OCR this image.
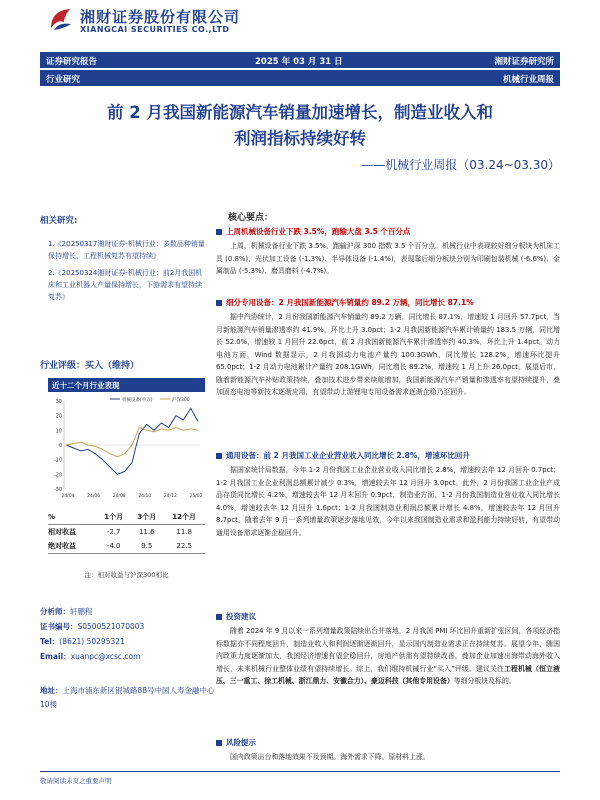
湘财证券股份有限公司
XIANGCAI SECURITIES CO.,LTD
证券研究报告	2025 年 03 月 31 日	湘财证券研究所
行业研究	机械行业周报
前 2 月我国新能源汽车销量加速增长，制造业收入和
利润指标持续好转
——机械行业周报（03.24~03.30）
相关研究:
1.《20250317湘财证券-机械行业：多数品种销量保持增长，工程机械复苏有望持续》
2.《20250324湘财证券-机械行业：前2月我国机床和工业机器人产量保持增长，下游需求有望持续复苏》
行业评级：买入（维持）
近十二个月行业表现
30
20
10
0
-10
-20
-30
24/04	24/06	24/08	24/10	24/12	25/02
机械设备(申万)	沪深300
%	1个月	3个月	12个月
相对收益	-2.7	11.6	11.8
绝对收益	-4.0	9.5	22.5
注：相对收益与沪深300相比
分析师：轩鹏程
证书编号：S0500521070003
Tel：(8621) 50295321
Email：xuanpc@xcsc.com
地址：上海市浦东新区银城路88号中国人寿金融中心10楼
核心要点：
上周机械设备行业下跌 3.5%，跑输大盘 3.5 个百分点
上周，机械设备行业下跌 3.5%，跑输沪深 300 指数 3.5 个百分点。机械行业中表现较好细分板块为机床工具 (0.8%)、光伏加工设备 (-1.3%)、半导体设备 (-1.4%)，表现靠后细分板块分别为印刷包装机械 (-6.6%)、金属制品 (-5.3%)、磨具磨料 (-4.7%)。
细分专用设备：2 月我国新能源汽车销量约 89.2 万辆，同比增长 87.1%
据中汽协统计，2 月份我国新能源汽车销量约 89.2 万辆，同比增长 87.1%，增速较 1 月回升 57.7pct，当月新能源汽车销量渗透率约 41.9%，环比上升 3.0pct；1-2 月我国新能源汽车累计销量约 183.5 万辆，同比增长 52.0%，增速较 1 月回升 22.6pct，前 2 月我国新能源汽车累计渗透率约 40.3%，环比上升 1.4pct。动力电池方面，Wind 数据显示，2 月我国动力电池产量约 100.3GWh，同比增长 128.2%，增速环比提升 65.0pct；1-2 月动力电池累计产量约 208.1GWh，同比增长 89.2%，增速较 1 月上升 26.0pct。展望后市，随着新能源汽车补贴政策持续，叠加技术进步带来续航增加，我国新能源汽车产销量和渗透率有望持续提升，叠加固态电池等新技术逐渐应用，有望带动上游锂电专用设备需求逐渐企稳乃至回升。
通用设备：前 2 月我国工业企业营业收入同比增长 2.8%，增速环比回升
据国家统计局数据，今年 1-2 月份我国工业企业营业收入同比增长 2.8%，增速较去年 12 月回升 0.7pct；1-2 月我国工业企业利润总额累计减少 0.3%，增速较去年 12 月回升 3.0pct。此外，2 月份我国工业企业产成品存货同比增长 4.2%，增速较去年 12 月末回升 0.9pct，制造业方面，1-2 月份我国制造业营业收入同比增长 4.0%，增速较去年 12 月回升 1.6pct；1-2 月我国制造业利润总额累计增长 4.8%，增速较去年 12 月回升 8.7pct。随着去年 9 月一系列增量政策逐步落地见效，今年以来我国制造业需求和盈利能力持续好转，有望带动通用设备需求逐渐企稳回升。
投资建议
随着 2024 年 9 月以来一系列增量政策陆续出台并落地，2 月我国 PMI 环比回升重新扩张区间，各项经济指标数据亦不同程度回升，制造业收入和利润逐渐逐渐回升，显示国内制造业需求正在持续复苏。展望今年，随国内政策力度逐渐加大，我国经济增速有望企稳回升，房地产供需有望持续改善，叠加企业加速出海带动海外收入增长，未来机械行业整体业绩有望持续增长。综上，我们维持机械行业“买入”评级。建议关注工程机械（恒立液压、三一重工、徐工机械、浙江鼎力、安徽合力）、豪迈科技（其他专用设备）等细分板块及标的。
风险提示
国内政策出台和落地效果不及预期。海外需求下降。原材料上涨。
敬请阅读末页之重要声明
